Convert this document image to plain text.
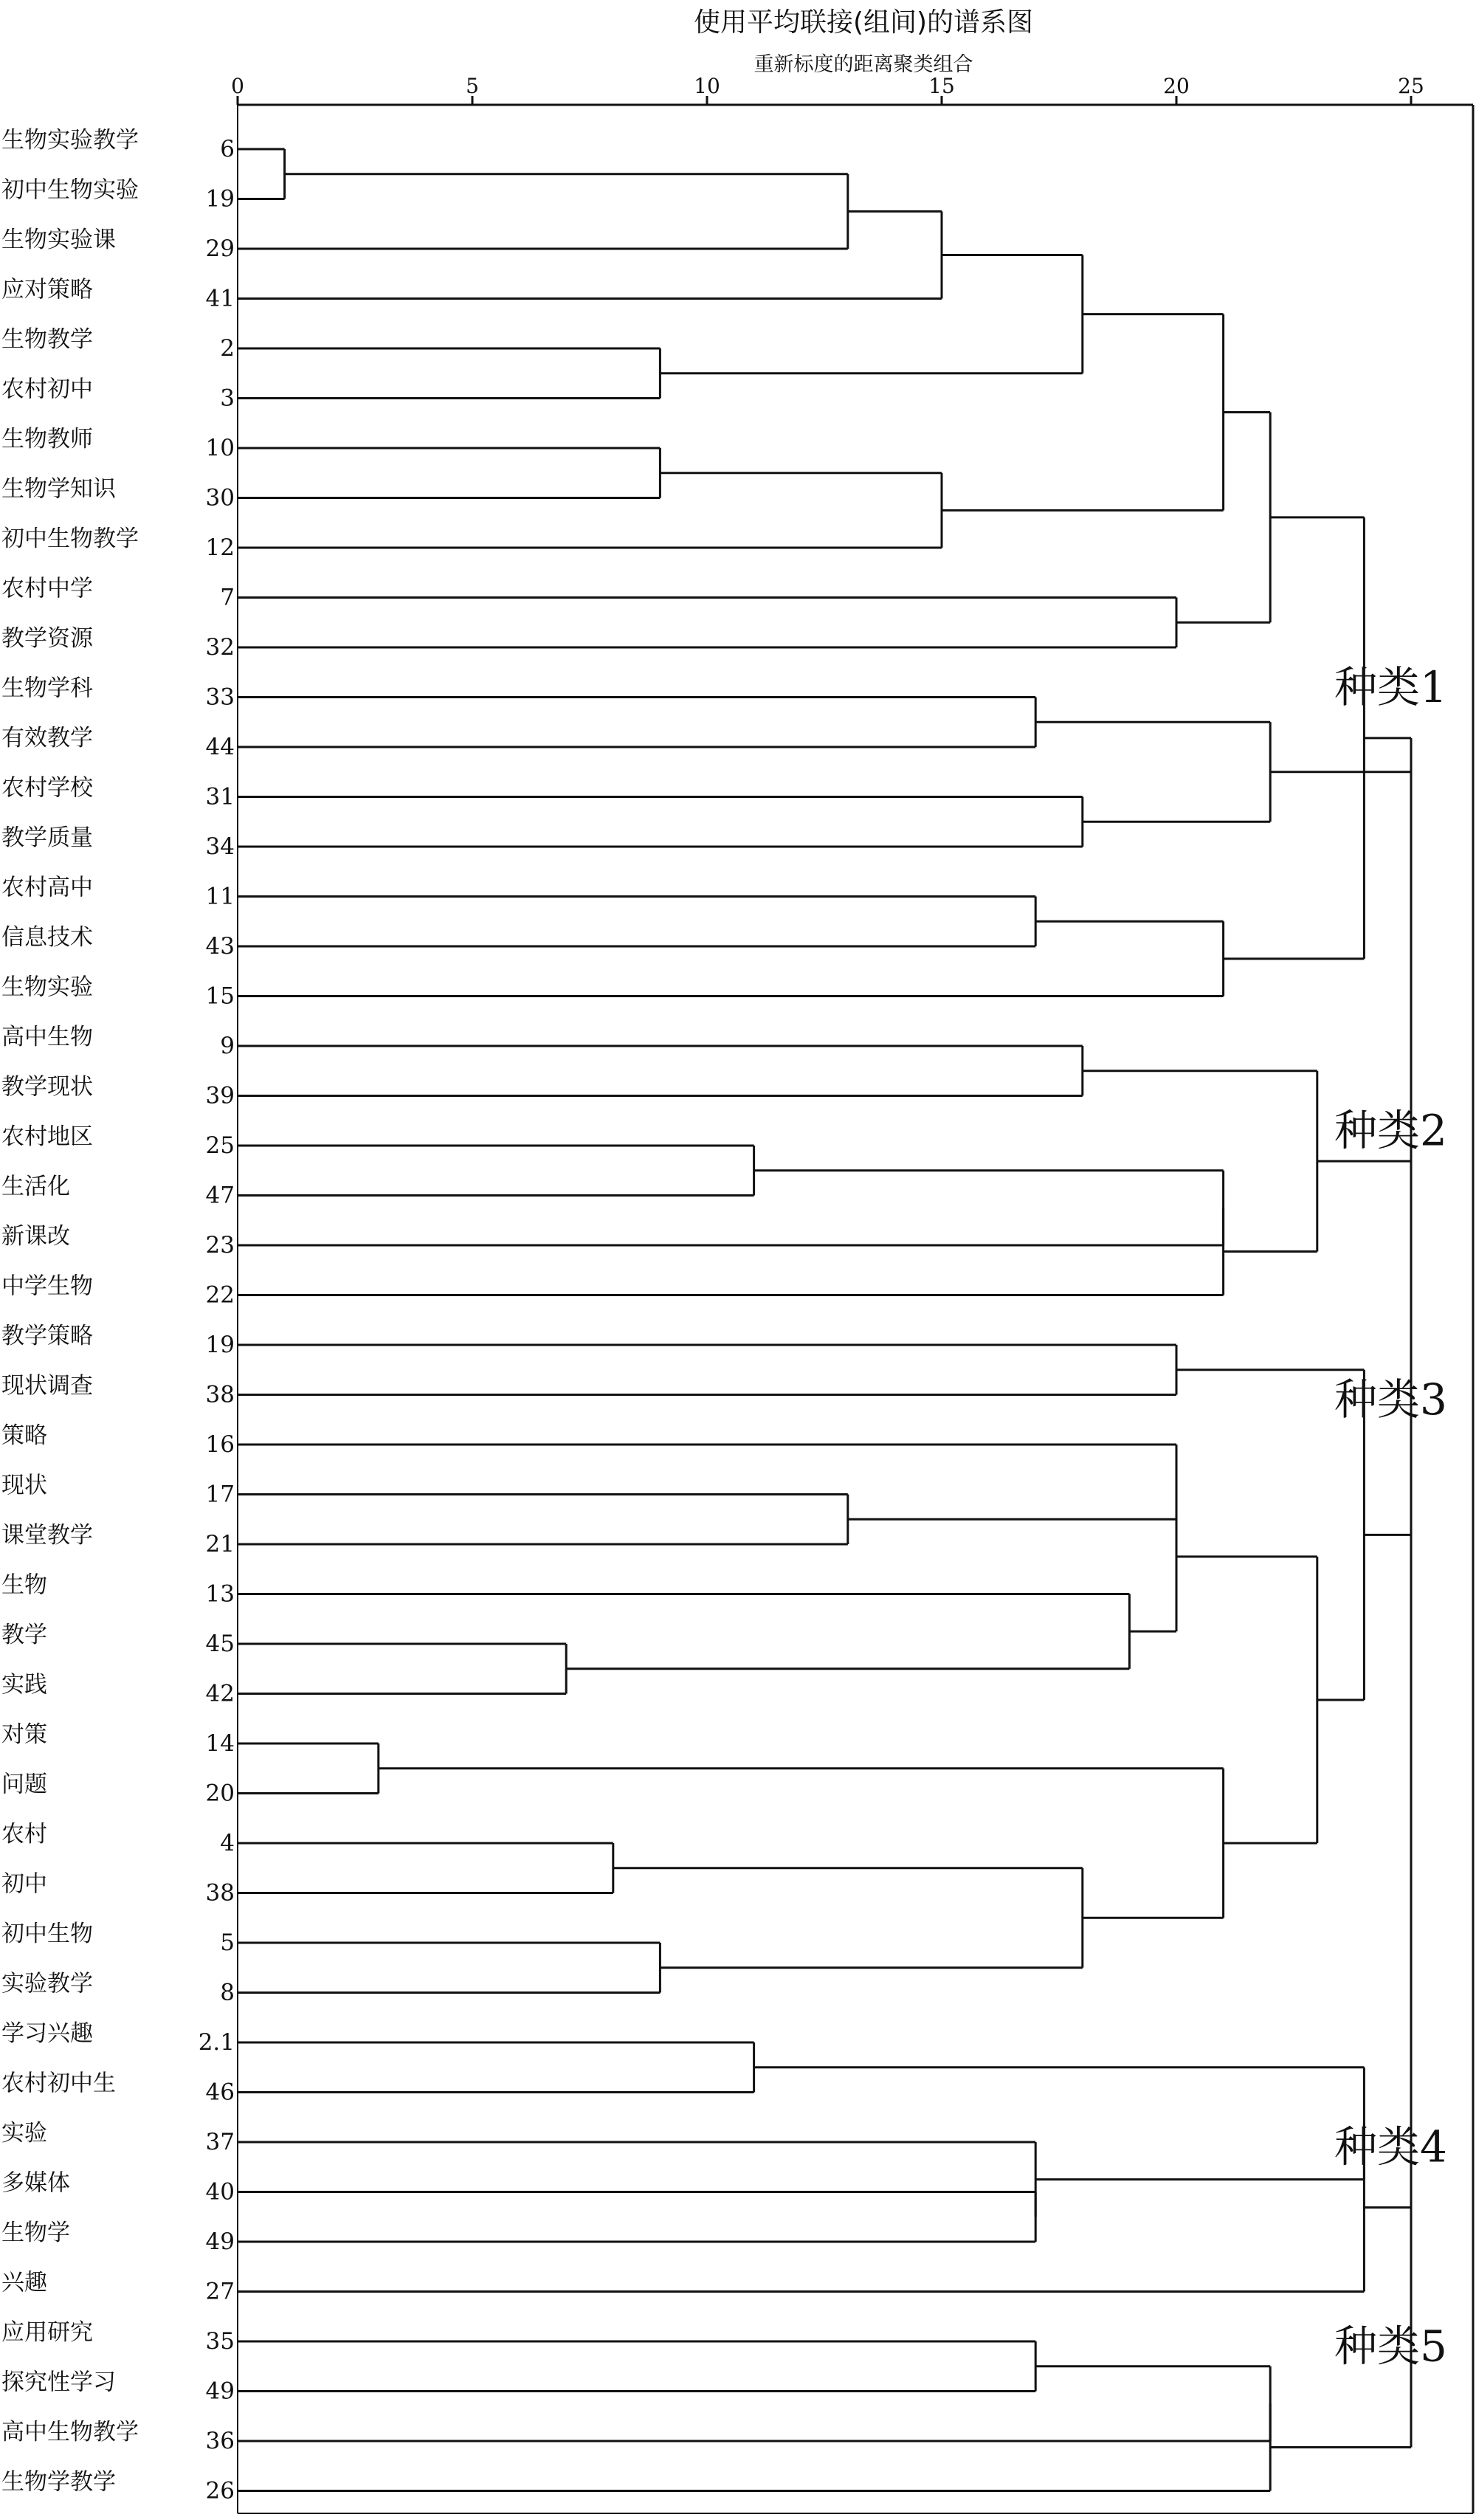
使用平均联接(组间)的谱系图
重新标度的距离聚类组合
0	5	10	15	20	25
生物实验教学	6
初中生物实验	19
生物实验课	29
应对策略	41
生物教学	2
农村初中	3
生物教师	10
生物学知识	30
初中生物教学	12
农村中学	7
教学资源	32
生物学科	33
有效教学	44
农村学校	31
教学质量	34
农村高中	11
信息技术	43
生物实验	15
高中生物	9
教学现状	39
农村地区	25
生活化	47
新课改	23
中学生物	22
教学策略	19
现状调查	38
策略	16
现状	17
课堂教学	21
生物	13
教学	45
实践	42
对策	14
问题	20
农村	4
初中	38
初中生物	5
实验教学	8
学习兴趣	2.1
农村初中生	46
实验	37
多媒体	40
生物学	49
兴趣	27
应用研究	35
探究性学习	49
高中生物教学	36
生物学教学	26
种类1
种类2
种类3
种类4
种类5
